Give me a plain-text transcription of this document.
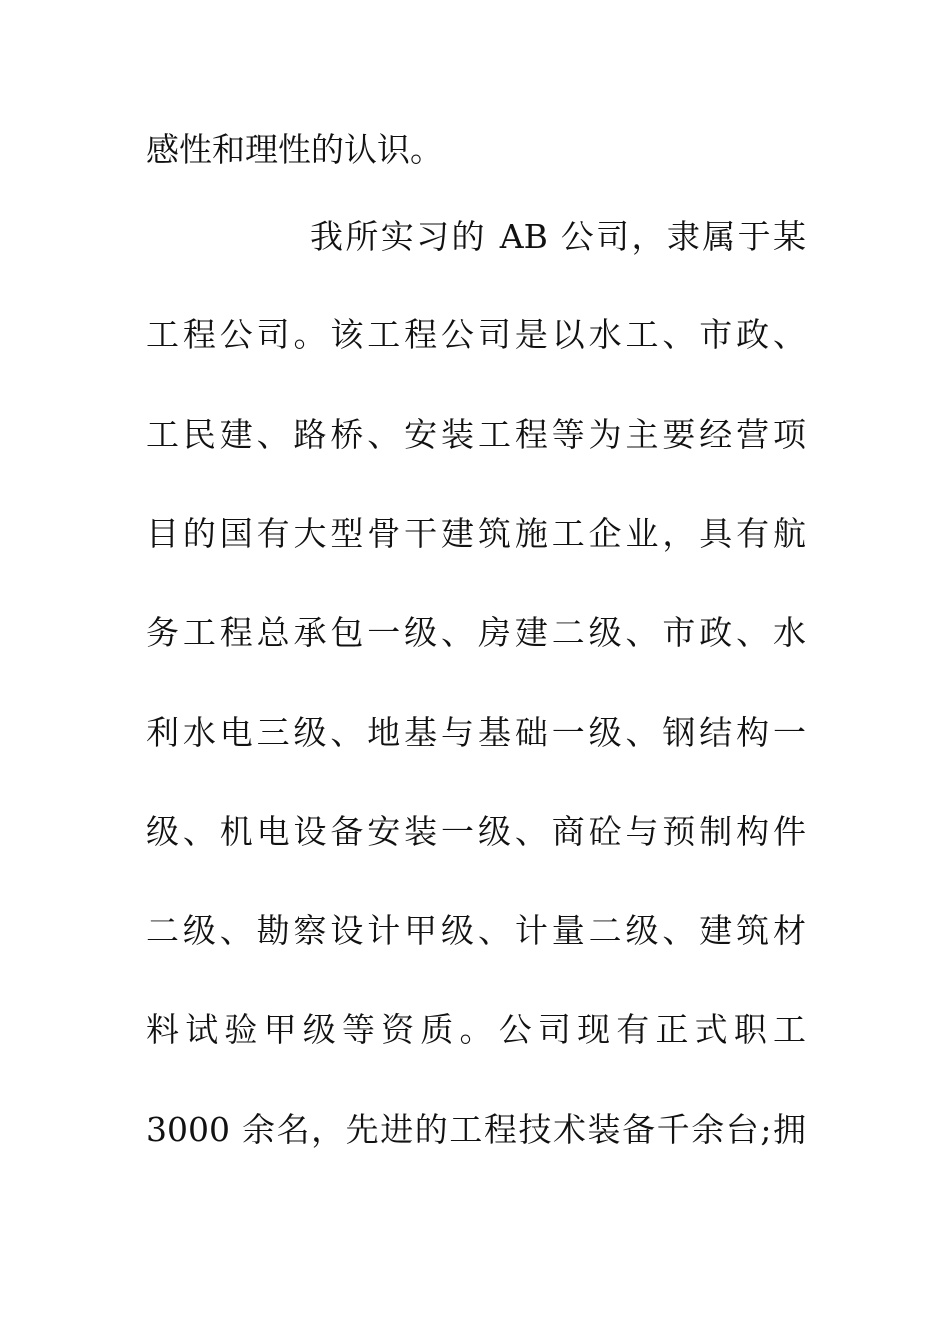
感性和理性的认识。
我所实习的 AB 公司，隶属于某
工程公司。该工程公司是以水工、市政、
工民建、路桥、安装工程等为主要经营项
目的国有大型骨干建筑施工企业，具有航
务工程总承包一级、房建二级、市政、水
利水电三级、地基与基础一级、钢结构一
级、机电设备安装一级、商砼与预制构件
二级、勘察设计甲级、计量二级、建筑材
料试验甲级等资质。公司现有正式职工
3000 余名，先进的工程技术装备千余台;拥
